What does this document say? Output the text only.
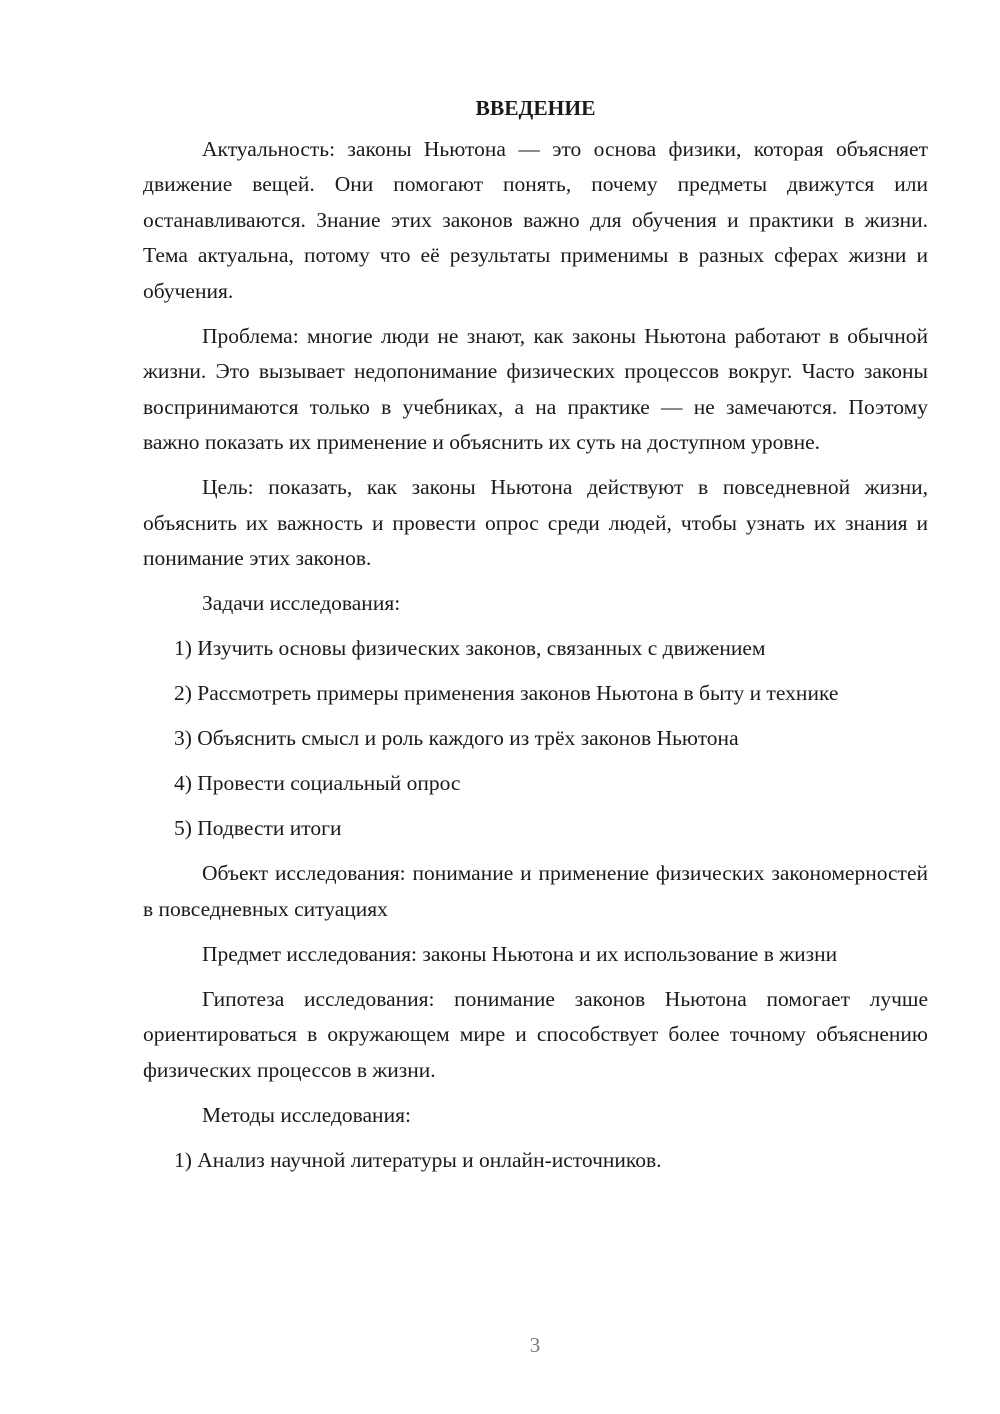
ВВЕДЕНИЕ

Актуальность: законы Ньютона — это основа физики, которая объясняет движение вещей. Они помогают понять, почему предметы движутся или останавливаются. Знание этих законов важно для обучения и практики в жизни. Тема актуальна, потому что её результаты применимы в разных сферах жизни и обучения.

Проблема: многие люди не знают, как законы Ньютона работают в обычной жизни. Это вызывает недопонимание физических процессов вокруг. Часто законы воспринимаются только в учебниках, а на практике — не замечаются. Поэтому важно показать их применение и объяснить их суть на доступном уровне.

Цель: показать, как законы Ньютона действуют в повседневной жизни, объяснить их важность и провести опрос среди людей, чтобы узнать их знания и понимание этих законов.

Задачи исследования:

1) Изучить основы физических законов, связанных с движением

2) Рассмотреть примеры применения законов Ньютона в быту и технике

3) Объяснить смысл и роль каждого из трёх законов Ньютона

4) Провести социальный опрос

5) Подвести итоги

Объект исследования: понимание и применение физических закономерностей в повседневных ситуациях

Предмет исследования: законы Ньютона и их использование в жизни

Гипотеза исследования: понимание законов Ньютона помогает лучше ориентироваться в окружающем мире и способствует более точному объяснению физических процессов в жизни.

Методы исследования:

1) Анализ научной литературы и онлайн-источников.

3
